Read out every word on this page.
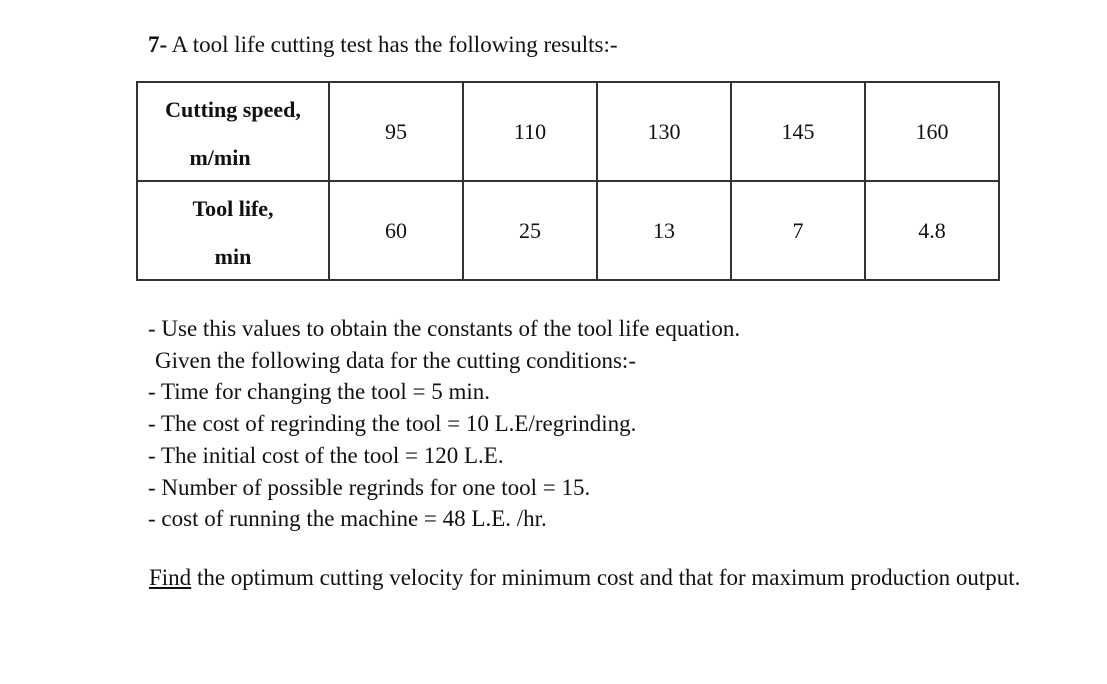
7- A tool life cutting test has the following results:-
Cutting speed,
m/min	95	110	130	145	160

Tool life,
min	60	25	13	7	4.8
- Use this values to obtain the constants of the tool life equation.
Given the following data for the cutting conditions:-
- Time for changing the tool = 5 min.
- The cost of regrinding the tool = 10 L.E/regrinding.
- The initial cost of the tool = 120 L.E.
- Number of possible regrinds for one tool = 15.
- cost of running the machine = 48 L.E. /hr.
Find the optimum cutting velocity for minimum cost and that for maximum production output.
